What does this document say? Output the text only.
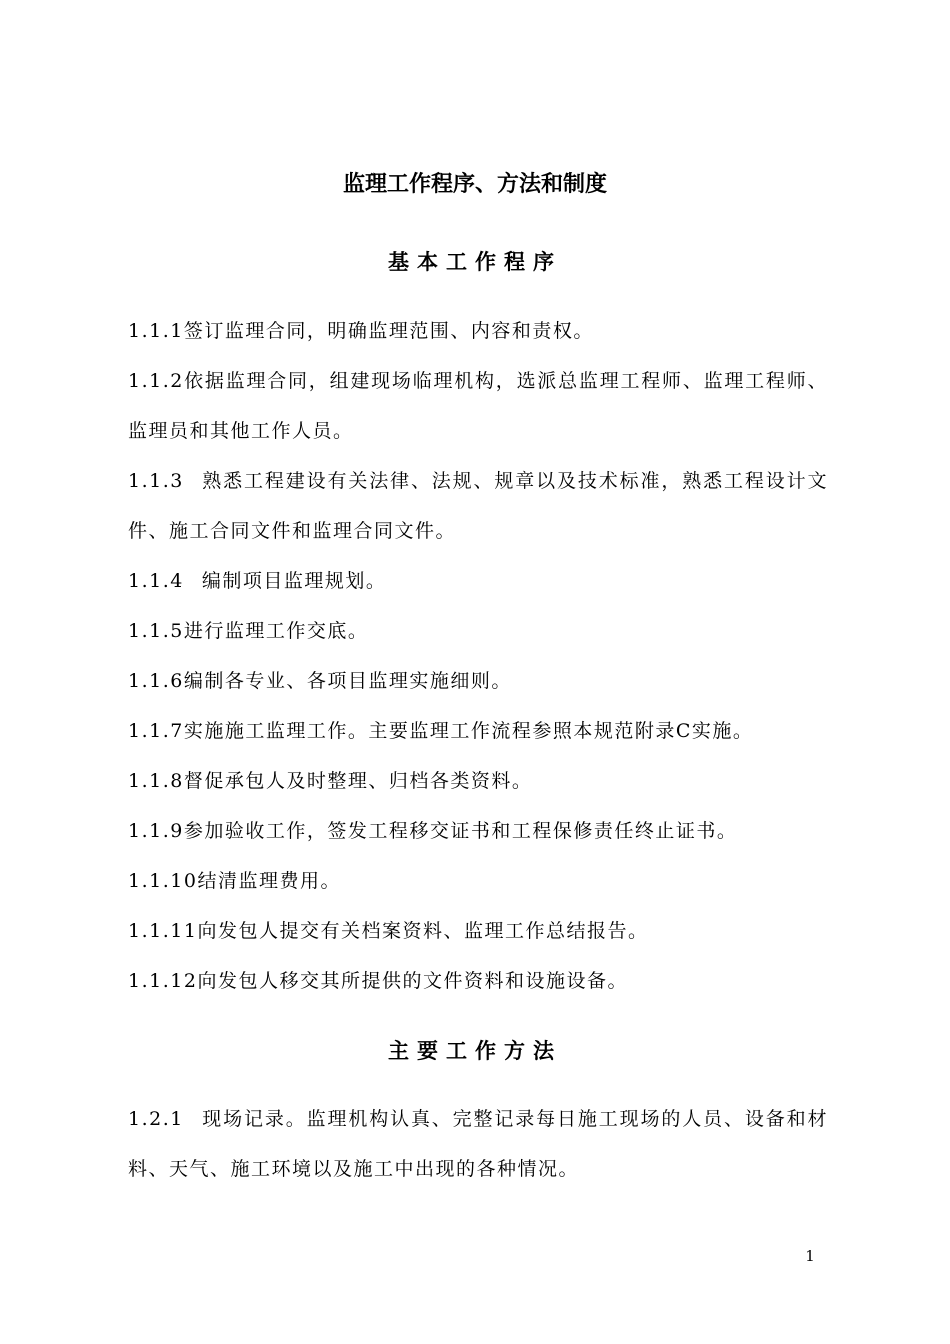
监理工作程序、方法和制度
基本工作程序
1.1.1签订监理合同，明确监理范围、内容和责权。
1.1.2依据监理合同，组建现场临理机构，选派总监理工程师、监理工程师、监理员和其他工作人员。
1.1.3 熟悉工程建设有关法律、法规、规章以及技术标准，熟悉工程设计文件、施工合同文件和监理合同文件。
1.1.4 编制项目监理规划。
1.1.5进行监理工作交底。
1.1.6编制各专业、各项目监理实施细则。
1.1.7实施施工监理工作。主要监理工作流程参照本规范附录C实施。
1.1.8督促承包人及时整理、归档各类资料。
1.1.9参加验收工作，签发工程移交证书和工程保修责任终止证书。
1.1.10结清监理费用。
1.1.11向发包人提交有关档案资料、监理工作总结报告。
1.1.12向发包人移交其所提供的文件资料和设施设备。
主要工作方法
1.2.1 现场记录。监理机构认真、完整记录每日施工现场的人员、设备和材料、天气、施工环境以及施工中出现的各种情况。
1
